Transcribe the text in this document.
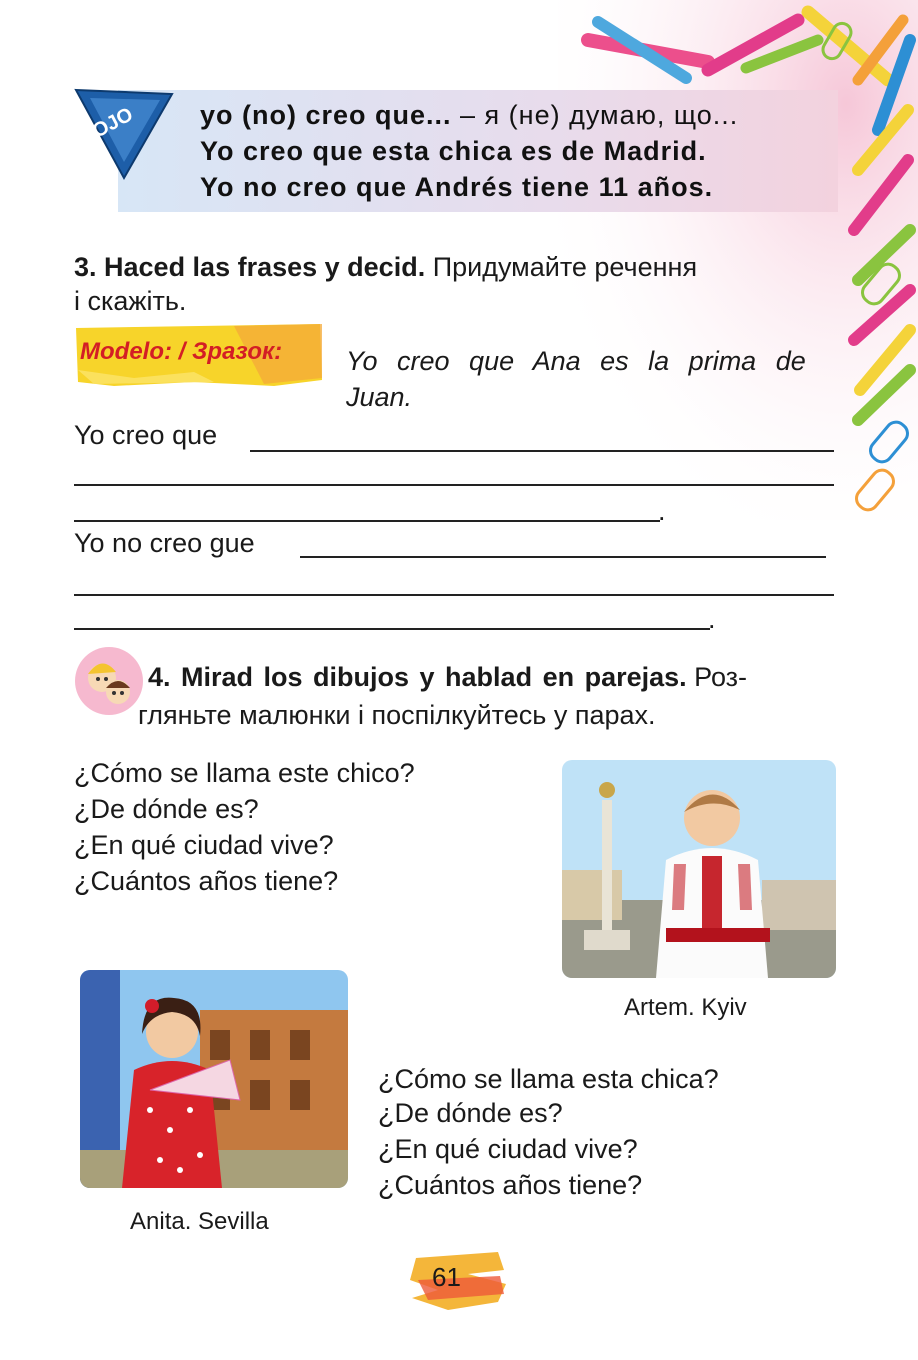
OJO yo (no) creo que... – я (не) думаю, що...
Yo creo que esta chica es de Madrid.
Yo no creo que Andrés tiene 11 años.
3. Haced las frases y decid. Придумайте речення
і скажіть.
Modelo: / Зразок: Yo creo que Ana es la prima de
Juan.
Yo creo que
.
Yo no creo gue
.
4. Mirad los dibujos y hablad en parejas. Роз-
гляньте малюнки і поспілкуйтесь у парах.
¿Cómo se llama este chico?
¿De dónde es?
¿En qué ciudad vive?
¿Cuántos años tiene?
Artem. Kyiv
Anita. Sevilla
¿Cómo se llama esta chica?
¿De dónde es?
¿En qué ciudad vive?
¿Cuántos años tiene?
61
